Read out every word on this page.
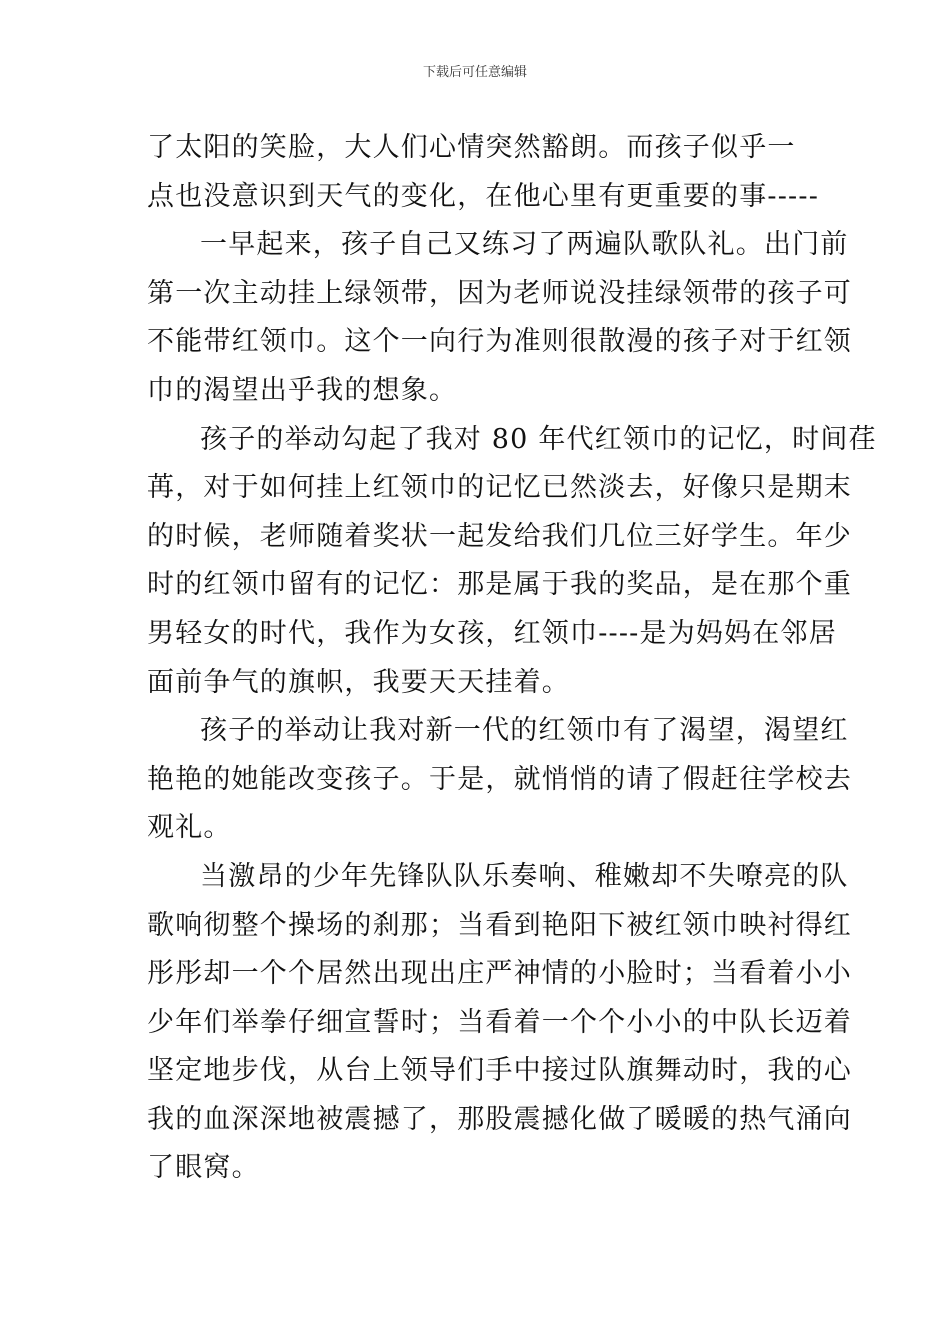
下载后可任意编辑

了太阳的笑脸，大人们心情突然豁朗。而孩子似乎一
点也没意识到天气的变化，在他心里有更重要的事-----

一早起来，孩子自己又练习了两遍队歌队礼。出门前
第一次主动挂上绿领带，因为老师说没挂绿领带的孩子可
不能带红领巾。这个一向行为准则很散漫的孩子对于红领
巾的渴望出乎我的想象。

孩子的举动勾起了我对 80 年代红领巾的记忆，时间荏
苒，对于如何挂上红领巾的记忆已然淡去，好像只是期末
的时候，老师随着奖状一起发给我们几位三好学生。年少
时的红领巾留有的记忆：那是属于我的奖品，是在那个重
男轻女的时代，我作为女孩，红领巾----是为妈妈在邻居
面前争气的旗帜，我要天天挂着。

孩子的举动让我对新一代的红领巾有了渴望，渴望红
艳艳的她能改变孩子。于是，就悄悄的请了假赶往学校去
观礼。

当激昂的少年先锋队队乐奏响、稚嫩却不失嘹亮的队
歌响彻整个操场的刹那；当看到艳阳下被红领巾映衬得红
彤彤却一个个居然出现出庄严神情的小脸时；当看着小小
少年们举拳仔细宣誓时；当看着一个个小小的中队长迈着
坚定地步伐，从台上领导们手中接过队旗舞动时，我的心
我的血深深地被震撼了，那股震撼化做了暖暖的热气涌向
了眼窝。
